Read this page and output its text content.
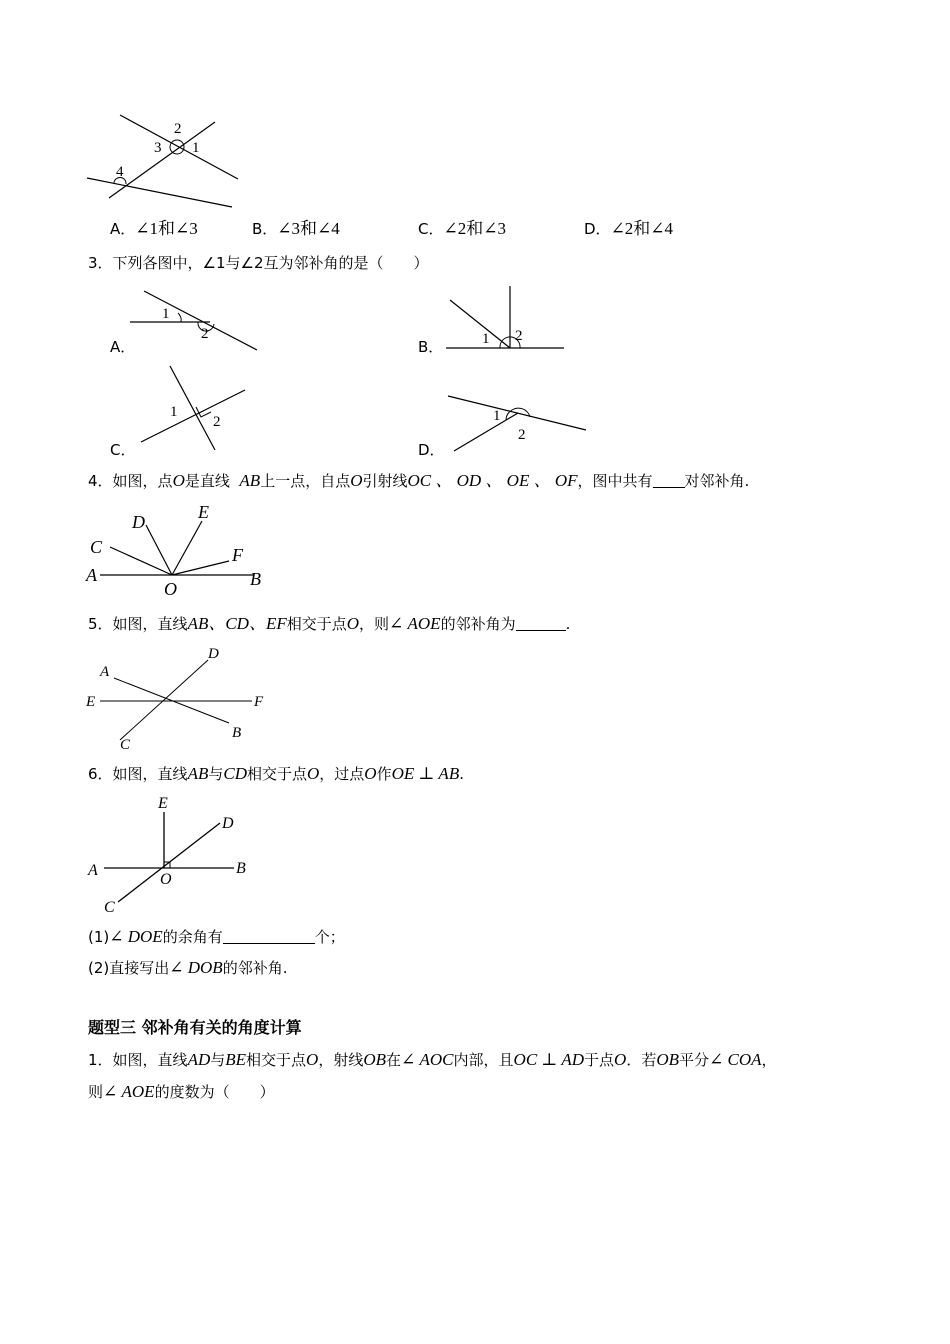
2
3 1
4
A．∠1和∠3	B．∠3和∠4	C．∠2和∠3	D．∠2和∠4
3．下列各图中，∠1与∠2互为邻补角的是（　　）
A．
1
2
B．	1 2
C．
1
2
D．
1
2
4．如图，点O是直线 AB上一点，自点O引射线OC 、 OD 、 OE 、 OF，图中共有 对邻补角.
D	E
C	F
A
O	B
5．如图，直线AB、CD、EF相交于点O，则∠ AOE的邻补角为	.
A
D
E	F
B
C
6．如图，直线AB与CD相交于点O，过点O作OE ⊥ AB.
E
D
A	B
O
C
(1)∠ DOE的余角有	个；
(2)直接写出∠ DOB的邻补角.
题型三 邻补角有关的角度计算
1．如图，直线AD与BE相交于点O，射线OB在∠ AOC内部，且OC ⊥ AD于点O．若OB平分∠ COA，
则∠ AOE的度数为（　　）
